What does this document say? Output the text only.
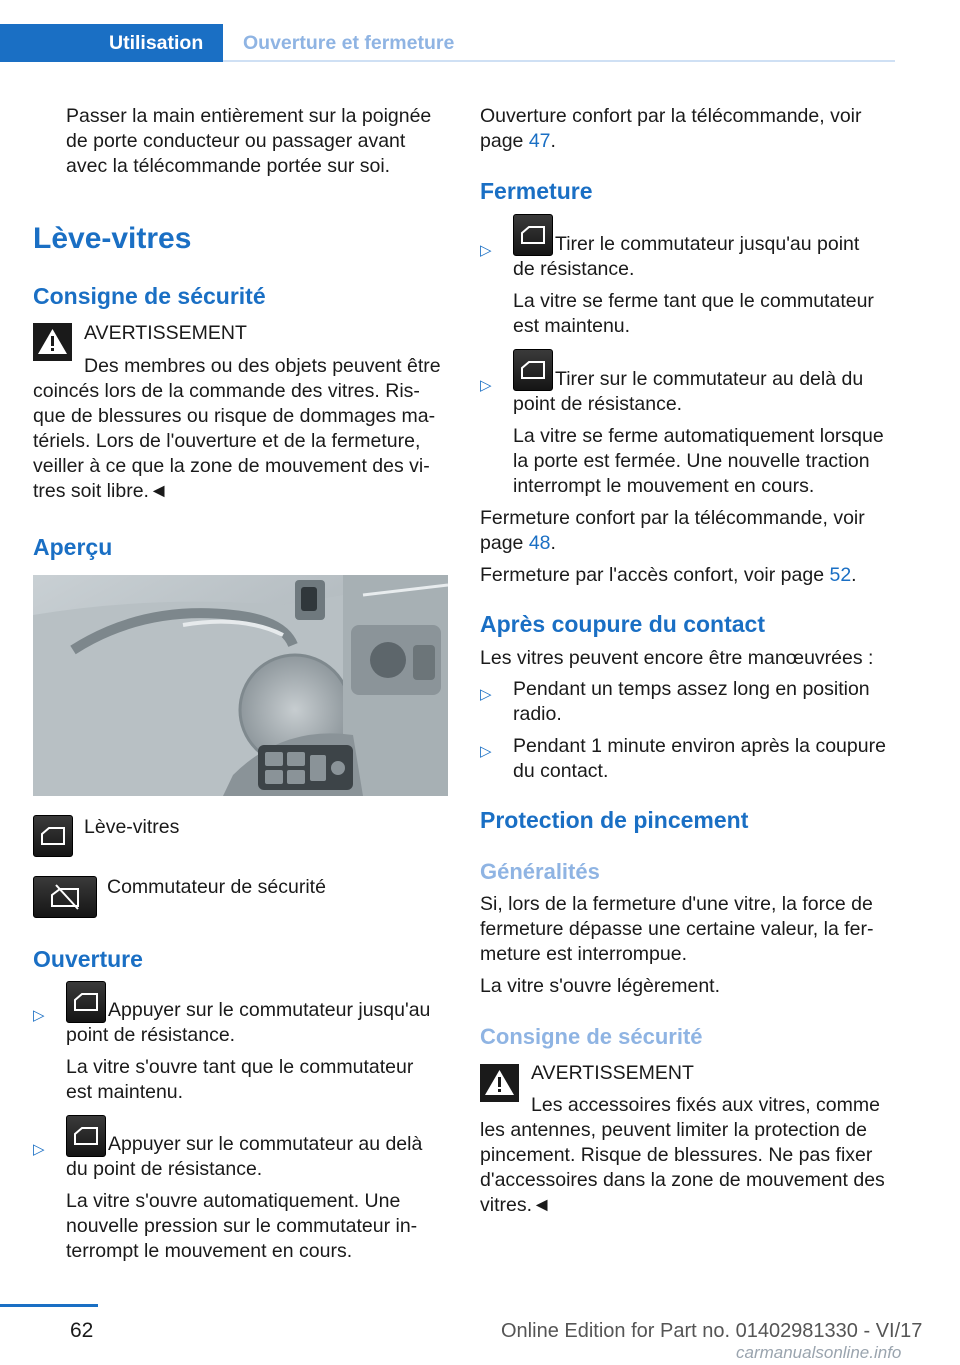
Utilisation Ouverture et fermeture
Passer la main entièrement sur la poignée
de porte conducteur ou passager avant
avec la télécommande portée sur soi.
Lève-vitres
Consigne de sécurité
AVERTISSEMENT
Des membres ou des objets peuvent être
coincés lors de la commande des vitres. Ris-
que de blessures ou risque de dommages ma-
tériels. Lors de l'ouverture et de la fermeture,
veiller à ce que la zone de mouvement des vi-
tres soit libre.◄
Aperçu
Lève-vitres
Commutateur de sécurité
Ouverture
▷	Appuyer sur le commutateur jusqu'au
point de résistance.
La vitre s'ouvre tant que le commutateur
est maintenu.
▷	Appuyer sur le commutateur au delà
du point de résistance.
La vitre s'ouvre automatiquement. Une
nouvelle pression sur le commutateur in-
terrompt le mouvement en cours.
Ouverture confort par la télécommande, voir
page 47.
Fermeture
▷	Tirer le commutateur jusqu'au point
de résistance.
La vitre se ferme tant que le commutateur
est maintenu.
▷	Tirer sur le commutateur au delà du
point de résistance.
La vitre se ferme automatiquement lorsque
la porte est fermée. Une nouvelle traction
interrompt le mouvement en cours.
Fermeture confort par la télécommande, voir
page 48.
Fermeture par l'accès confort, voir page 52.
Après coupure du contact
Les vitres peuvent encore être manœuvrées :
▷ Pendant un temps assez long en position
radio.
▷ Pendant 1 minute environ après la coupure
du contact.
Protection de pincement
Généralités
Si, lors de la fermeture d'une vitre, la force de
fermeture dépasse une certaine valeur, la fer-
meture est interrompue.
La vitre s'ouvre légèrement.
Consigne de sécurité
AVERTISSEMENT
Les accessoires fixés aux vitres, comme
les antennes, peuvent limiter la protection de
pincement. Risque de blessures. Ne pas fixer
d'accessoires dans la zone de mouvement des
vitres.◄
62	Online Edition for Part no. 01402981330 - VI/17
carmanualsonline.info
